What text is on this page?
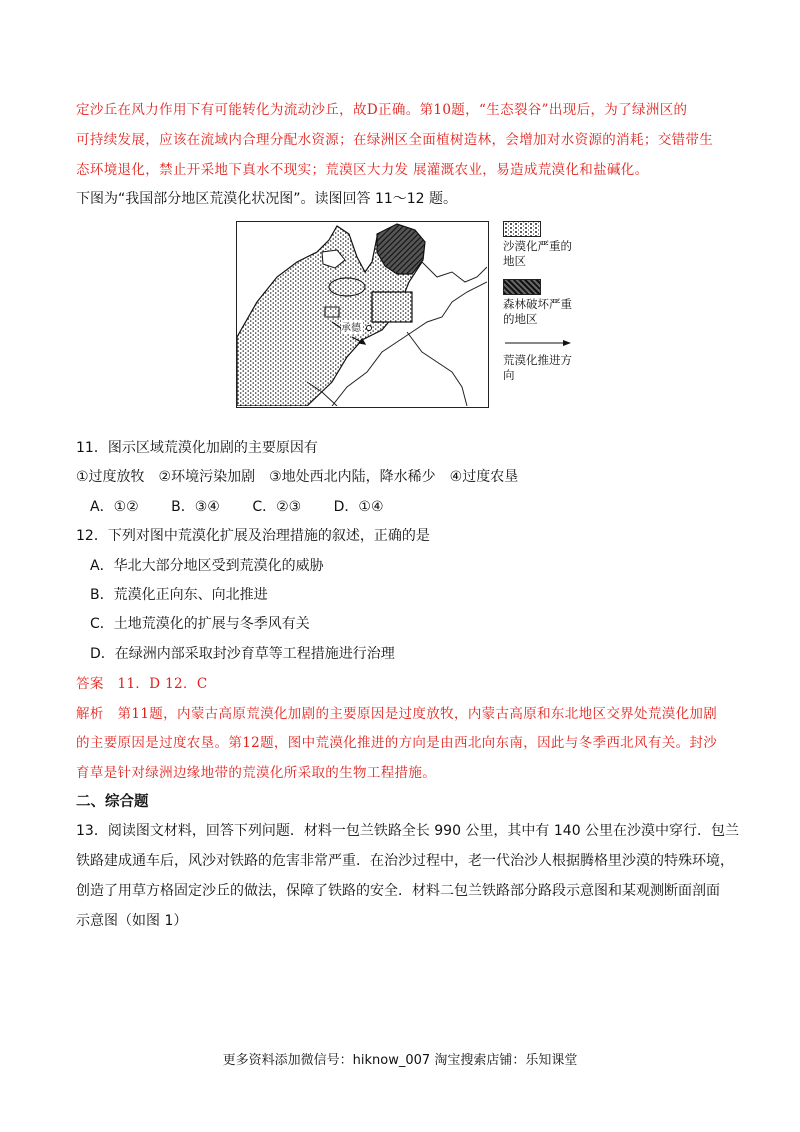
定沙丘在风力作用下有可能转化为流动沙丘，故D正确。第10题，“生态裂谷”出现后，为了绿洲区的
可持续发展，应该在流域内合理分配水资源；在绿洲区全面植树造林，会增加对水资源的消耗；交错带生
态环境退化，禁止开采地下真水不现实；荒漠区大力发 展灌溉农业，易造成荒漠化和盐碱化。
下图为“我国部分地区荒漠化状况图”。读图回答 11～12 题。
承德
沙漠化严重的地区
森林破坏严重的地区
荒漠化推进方向
11．图示区域荒漠化加剧的主要原因有
①过度放牧　②环境污染加剧　③地处西北内陆，降水稀少　④过度农垦
A．①② B．③④ C．②③ D．①④
12．下列对图中荒漠化扩展及治理措施的叙述，正确的是
A．华北大部分地区受到荒漠化的威胁
B．荒漠化正向东、向北推进
C．土地荒漠化的扩展与冬季风有关
D．在绿洲内部采取封沙育草等工程措施进行治理
答案　11．D 12．C
解析　第11题，内蒙古高原荒漠化加剧的主要原因是过度放牧，内蒙古高原和东北地区交界处荒漠化加剧
的主要原因是过度农垦。第12题，图中荒漠化推进的方向是由西北向东南，因此与冬季西北风有关。封沙
育草是针对绿洲边缘地带的荒漠化所采取的生物工程措施。
二、综合题
13．阅读图文材料，回答下列问题．材料一包兰铁路全长 990 公里，其中有 140 公里在沙漠中穿行．包兰
铁路建成通车后，风沙对铁路的危害非常严重．在治沙过程中，老一代治沙人根据腾格里沙漠的特殊环境，
创造了用草方格固定沙丘的做法，保障了铁路的安全．材料二包兰铁路部分路段示意图和某观测断面剖面
示意图（如图 1）
更多资料添加微信号：hiknow_007 淘宝搜索店铺：乐知课堂
